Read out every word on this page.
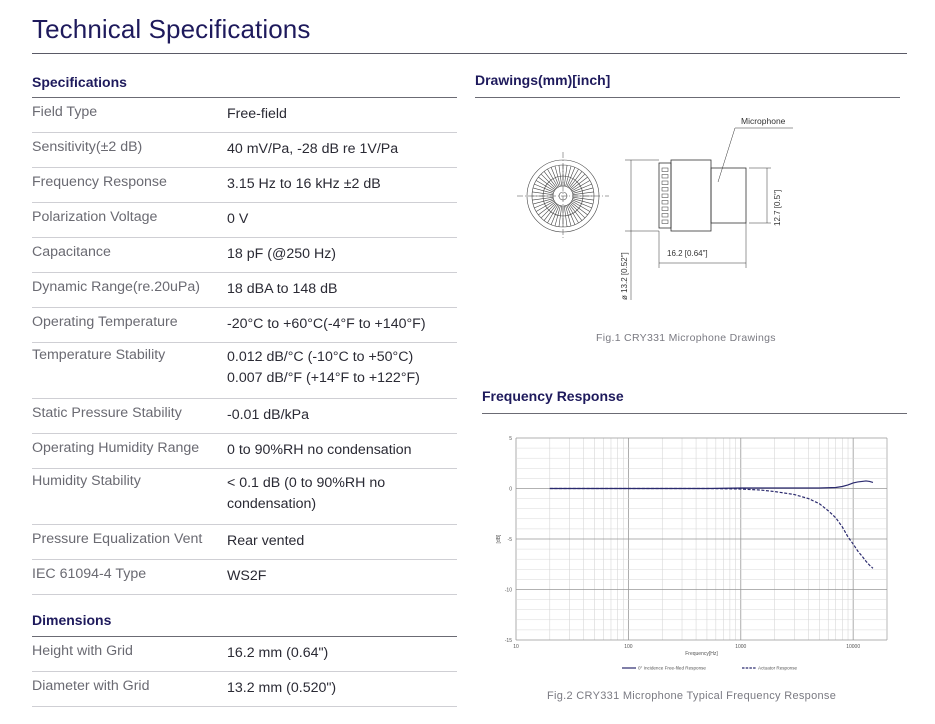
Technical Specifications
Specifications
Field Type	Free-field
Sensitivity(±2 dB)	40 mV/Pa, -28 dB re 1V/Pa
Frequency Response	3.15 Hz to 16 kHz ±2 dB
Polarization Voltage	0 V
Capacitance	18 pF (@250 Hz)
Dynamic Range(re.20uPa)	18 dBA to 148 dB
Operating Temperature	-20°C to +60°C(-4°F to +140°F)
Temperature Stability	0.012 dB/°C (-10°C to +50°C)
0.007 dB/°F (+14°F to +122°F)
Static Pressure Stability	-0.01 dB/kPa
Operating Humidity Range	0 to 90%RH no condensation
Humidity Stability	< 0.1 dB (0 to 90%RH no
condensation)
Pressure Equalization Vent	Rear vented
IEC 61094-4 Type	WS2F
Dimensions
Height with Grid	16.2 mm (0.64")
Diameter with Grid	13.2 mm (0.520")
Drawings(mm)[inch]
Microphone
16.2 [0.64"]
12.7 [0.5"]
ø 13.2 [0.52"]
Fig.1 CRY331 Microphone Drawings
Frequency Response
5
0
-5
-10
-15
10	100	1000	10000
Frequency[Hz]
[dB]
0° Incidence Free-filed Response	Actuator Response
Fig.2 CRY331 Microphone Typical Frequency Response
